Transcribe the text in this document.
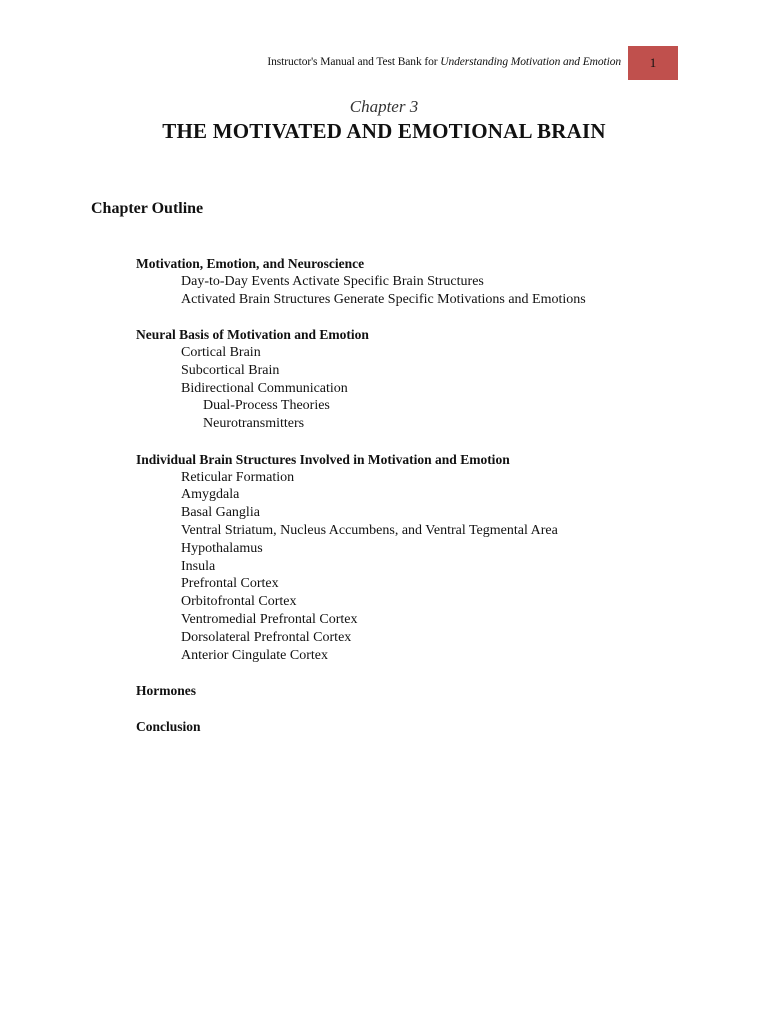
Instructor's Manual and Test Bank for Understanding Motivation and Emotion 1
Chapter 3
THE MOTIVATED AND EMOTIONAL BRAIN
Chapter Outline
Motivation, Emotion, and Neuroscience
Day-to-Day Events Activate Specific Brain Structures
Activated Brain Structures Generate Specific Motivations and Emotions
Neural Basis of Motivation and Emotion
Cortical Brain
Subcortical Brain
Bidirectional Communication
Dual-Process Theories
Neurotransmitters
Individual Brain Structures Involved in Motivation and Emotion
Reticular Formation
Amygdala
Basal Ganglia
Ventral Striatum, Nucleus Accumbens, and Ventral Tegmental Area
Hypothalamus
Insula
Prefrontal Cortex
Orbitofrontal Cortex
Ventromedial Prefrontal Cortex
Dorsolateral Prefrontal Cortex
Anterior Cingulate Cortex
Hormones
Conclusion
